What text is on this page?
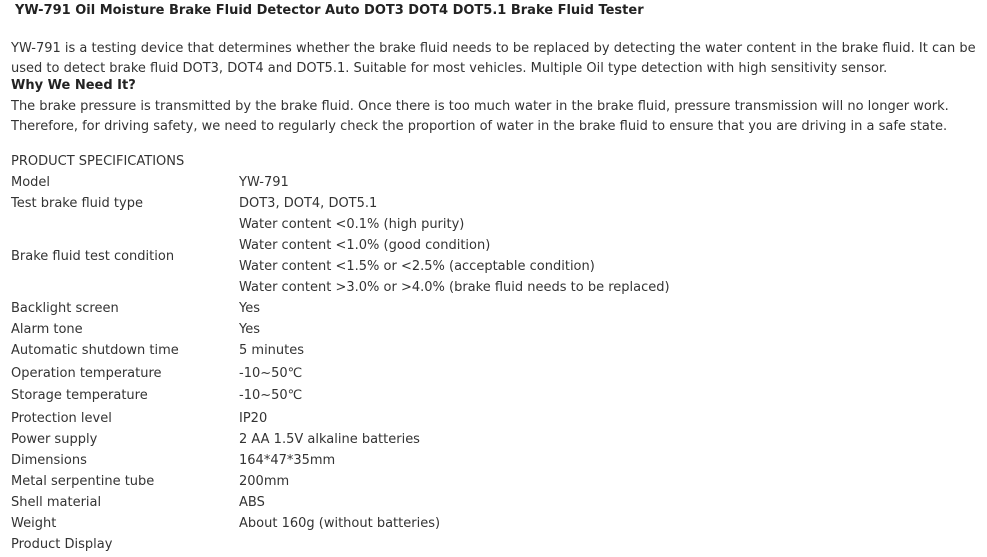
YW-791 Oil Moisture Brake Fluid Detector Auto DOT3 DOT4 DOT5.1 Brake Fluid Tester

YW-791 is a testing device that determines whether the brake fluid needs to be replaced by detecting the water content in the brake fluid. It can be used to detect brake fluid DOT3, DOT4 and DOT5.1. Suitable for most vehicles. Multiple Oil type detection with high sensitivity sensor.

Why We Need It?

The brake pressure is transmitted by the brake fluid. Once there is too much water in the brake fluid, pressure transmission will no longer work. Therefore, for driving safety, we need to regularly check the proportion of water in the brake fluid to ensure that you are driving in a safe state.

PRODUCT SPECIFICATIONS
Model	YW-791
Test brake fluid type	DOT3, DOT4, DOT5.1
Brake fluid test condition	Water content <0.1% (high purity)
Water content <1.0% (good condition)
Water content <1.5% or <2.5% (acceptable condition)
Water content >3.0% or >4.0% (brake fluid needs to be replaced)

Backlight screen	Yes
Alarm tone	Yes
Automatic shutdown time	5 minutes
Operation temperature	-10~50℃
Storage temperature	-10~50℃
Protection level	IP20
Power supply	2 AA 1.5V alkaline batteries
Dimensions	164*47*35mm
Metal serpentine tube	200mm
Shell material	ABS
Weight	About 160g (without batteries)
Product Display	
